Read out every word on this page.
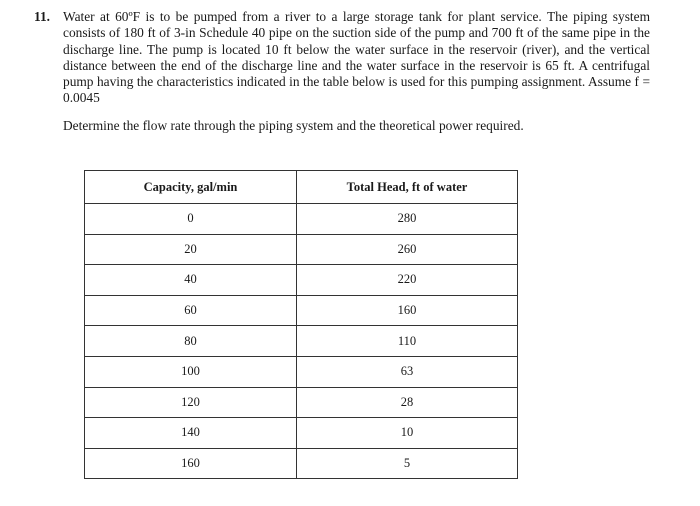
11. Water at 60ºF is to be pumped from a river to a large storage tank for plant service. The piping system consists of 180 ft of 3-in Schedule 40 pipe on the suction side of the pump and 700 ft of the same pipe in the discharge line. The pump is located 10 ft below the water surface in the reservoir (river), and the vertical distance between the end of the discharge line and the water surface in the reservoir is 65 ft. A centrifugal pump having the characteristics indicated in the table below is used for this pumping assignment. Assume f = 0.0045
Determine the flow rate through the piping system and the theoretical power required.
Capacity, gal/min	Total Head, ft of water
0	280
20	260
40	220
60	160
80	110
100	63
120	28
140	10
160	5
